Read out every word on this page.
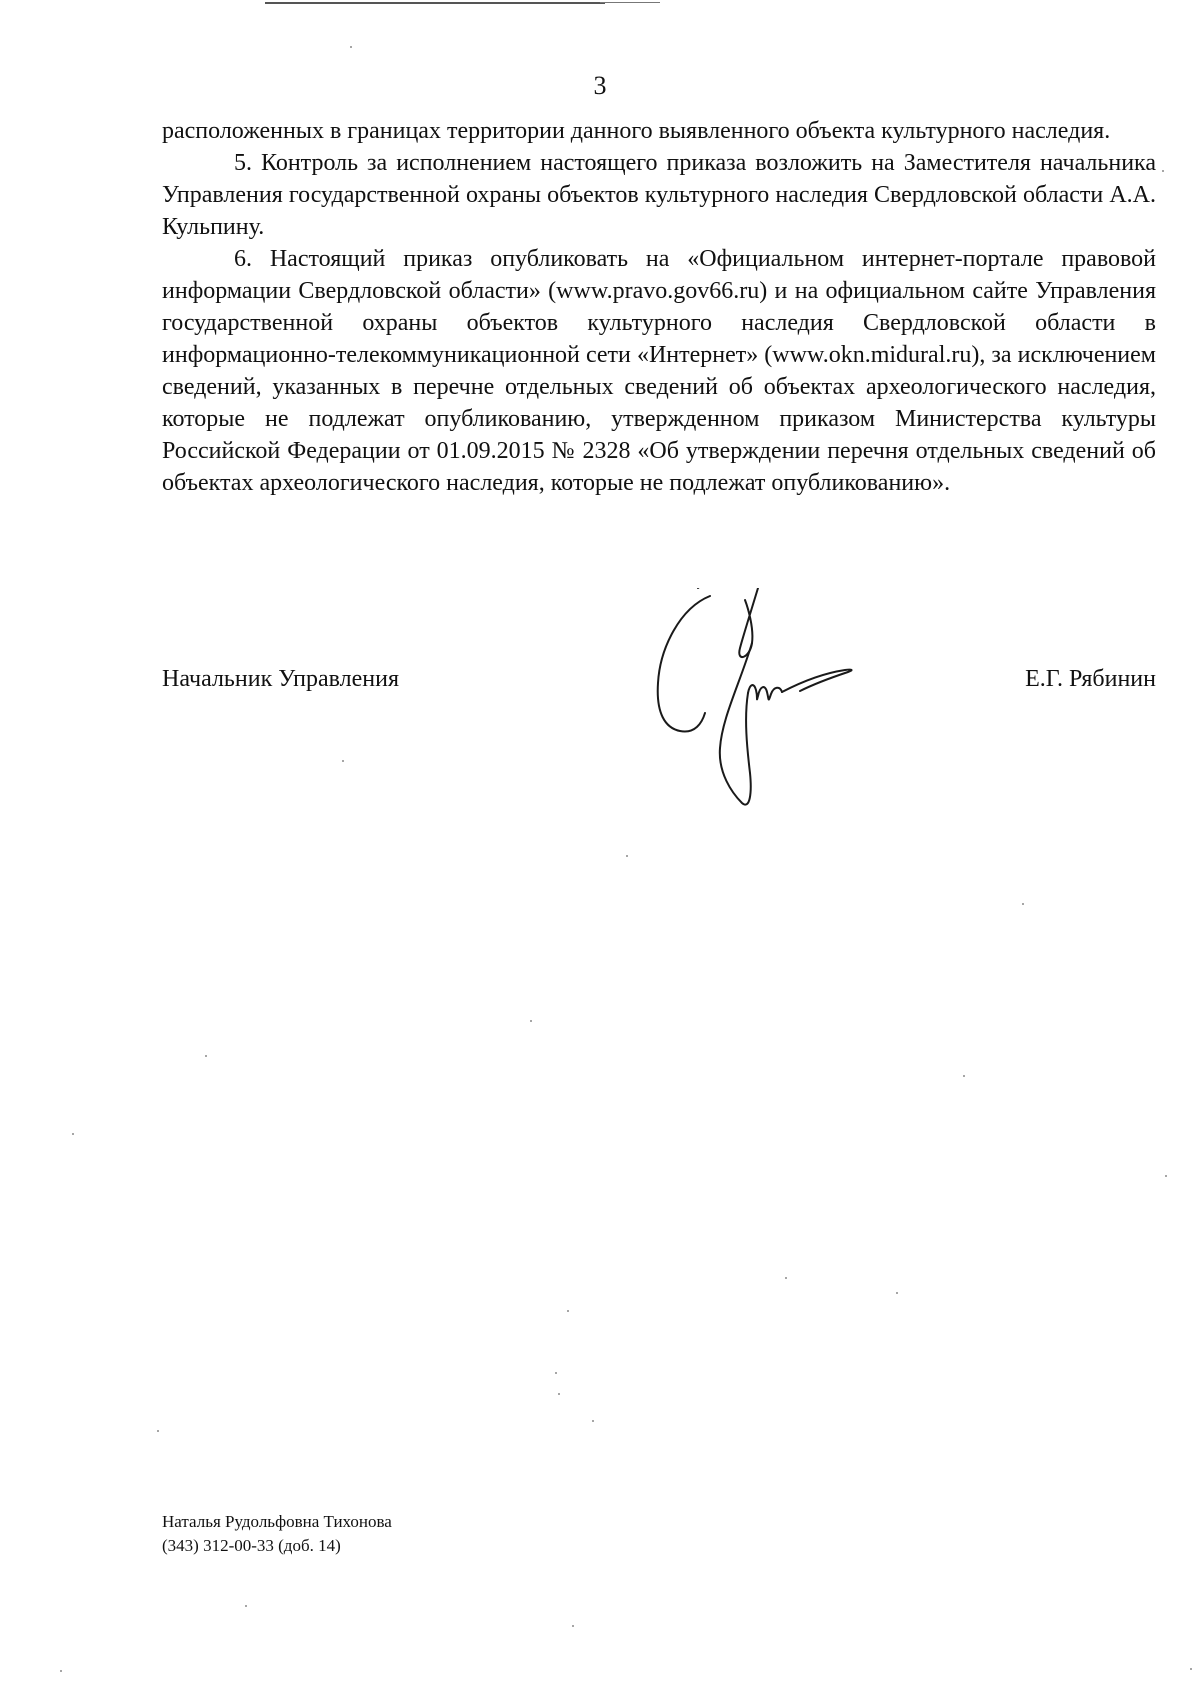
3

расположенных в границах территории данного выявленного объекта культурного наследия.

5. Контроль за исполнением настоящего приказа возложить на Заместителя начальника Управления государственной охраны объектов культурного наследия Свердловской области А.А. Кульпину.

6. Настоящий приказ опубликовать на «Официальном интернет-портале правовой информации Свердловской области» (www.pravo.gov66.ru) и на официальном сайте Управления государственной охраны объектов культурного наследия Свердловской области в информационно-телекоммуникационной сети «Интернет» (www.okn.midural.ru), за исключением сведений, указанных в перечне отдельных сведений об объектах археологического наследия, которые не подлежат опубликованию, утвержденном приказом Министерства культуры Российской Федерации от 01.09.2015 № 2328 «Об утверждении перечня отдельных сведений об объектах археологического наследия, которые не подлежат опубликованию».

Начальник Управления	Е.Г. Рябинин
Наталья Рудольфовна Тихонова
(343) 312-00-33 (доб. 14)
